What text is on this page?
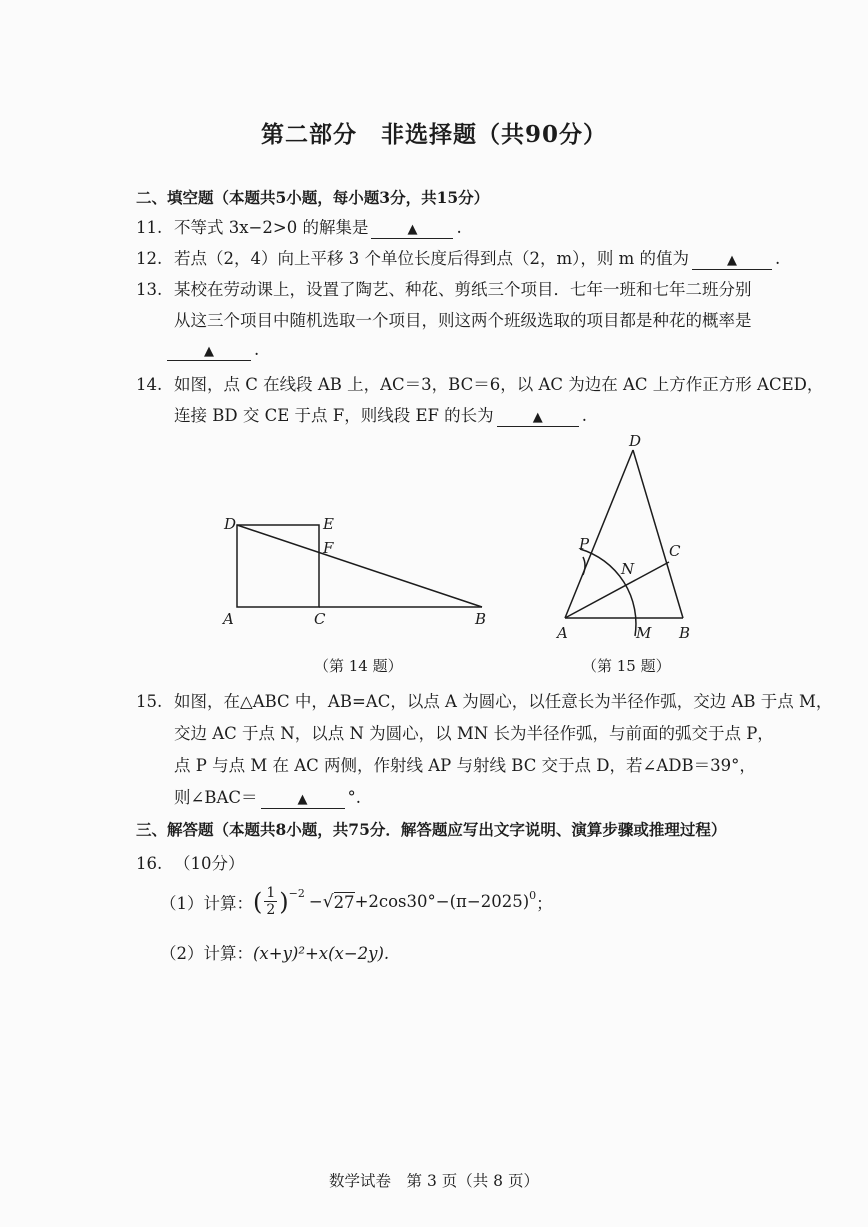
第二部分　非选择题（共90分）
二、填空题（本题共5小题，每小题3分，共15分）
11. 不等式 3x−2>0 的解集是	▲ .
12. 若点（2，4）向上平移 3 个单位长度后得到点（2，m），则 m 的值为	▲ .
13. 某校在劳动课上，设置了陶艺、种花、剪纸三个项目．七年一班和七年二班分别
从这三个项目中随机选取一个项目，则这两个班级选取的项目都是种花的概率是
▲ .
14. 如图，点 C 在线段 AB 上，AC＝3，BC＝6，以 AC 为边在 AC 上方作正方形 ACED，
连接 BD 交 CE 于点 F，则线段 EF 的长为	▲ .
D	E
F
A	C	B
（第 14 题）
D
P	C
N
A	M B
（第 15 题）
15. 如图，在△ABC 中，AB=AC，以点 A 为圆心，以任意长为半径作弧，交边 AB 于点 M，
交边 AC 于点 N，以点 N 为圆心，以 MN 长为半径作弧，与前面的弧交于点 P，
点 P 与点 M 在 AC 两侧，作射线 AP 与射线 BC 交于点 D，若∠ADB＝39°，
则∠BAC＝	▲ °.
三、解答题（本题共8小题，共75分．解答题应写出文字说明、演算步骤或推理过程）
16. （10分）
（1）计算： ( $\frac{1}{2} )^{-2}$ − √ $27 +2\cos 30^\circ-(\pi-2025)^0$ ；
（2）计算：(x+y)²+x(x−2y).
数学试卷　第 3 页（共 8 页）
